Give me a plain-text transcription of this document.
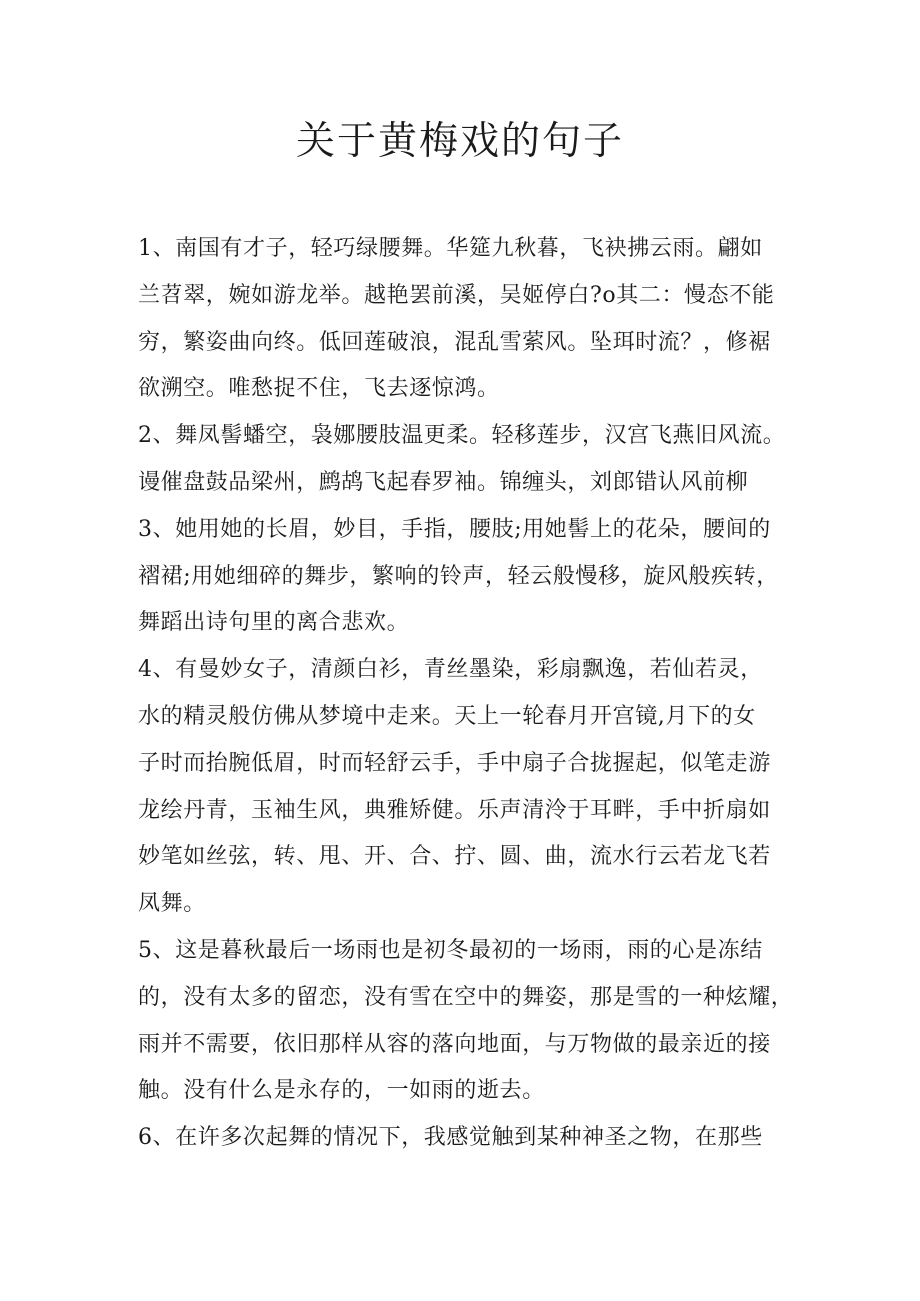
关于黄梅戏的句子
1、南国有才子，轻巧绿腰舞。华筵九秋暮，飞袂拂云雨。翩如
兰苕翠，婉如游龙举。越艳罢前溪，吴姬停白?o其二：慢态不能
穷，繁姿曲向终。低回莲破浪，混乱雪萦风。坠珥时流？，修裾
欲溯空。唯愁捉不住，飞去逐惊鸿。
2、舞凤髻蟠空，袅娜腰肢温更柔。轻移莲步，汉宫飞燕旧风流。
谩催盘鼓品梁州，鹧鸪飞起春罗袖。锦缠头，刘郎错认风前柳
3、她用她的长眉，妙目，手指，腰肢;用她髻上的花朵，腰间的
褶裙;用她细碎的舞步，繁响的铃声，轻云般慢移，旋风般疾转，
舞蹈出诗句里的离合悲欢。
4、有曼妙女子，清颜白衫，青丝墨染，彩扇飘逸，若仙若灵，
水的精灵般仿佛从梦境中走来。天上一轮春月开宫镜,月下的女
子时而抬腕低眉，时而轻舒云手，手中扇子合拢握起，似笔走游
龙绘丹青，玉袖生风，典雅矫健。乐声清泠于耳畔，手中折扇如
妙笔如丝弦，转、甩、开、合、拧、圆、曲，流水行云若龙飞若
凤舞。
5、这是暮秋最后一场雨也是初冬最初的一场雨，雨的心是冻结
的，没有太多的留恋，没有雪在空中的舞姿，那是雪的一种炫耀，
雨并不需要，依旧那样从容的落向地面，与万物做的最亲近的接
触。没有什么是永存的，一如雨的逝去。
6、在许多次起舞的情况下，我感觉触到某种神圣之物，在那些
